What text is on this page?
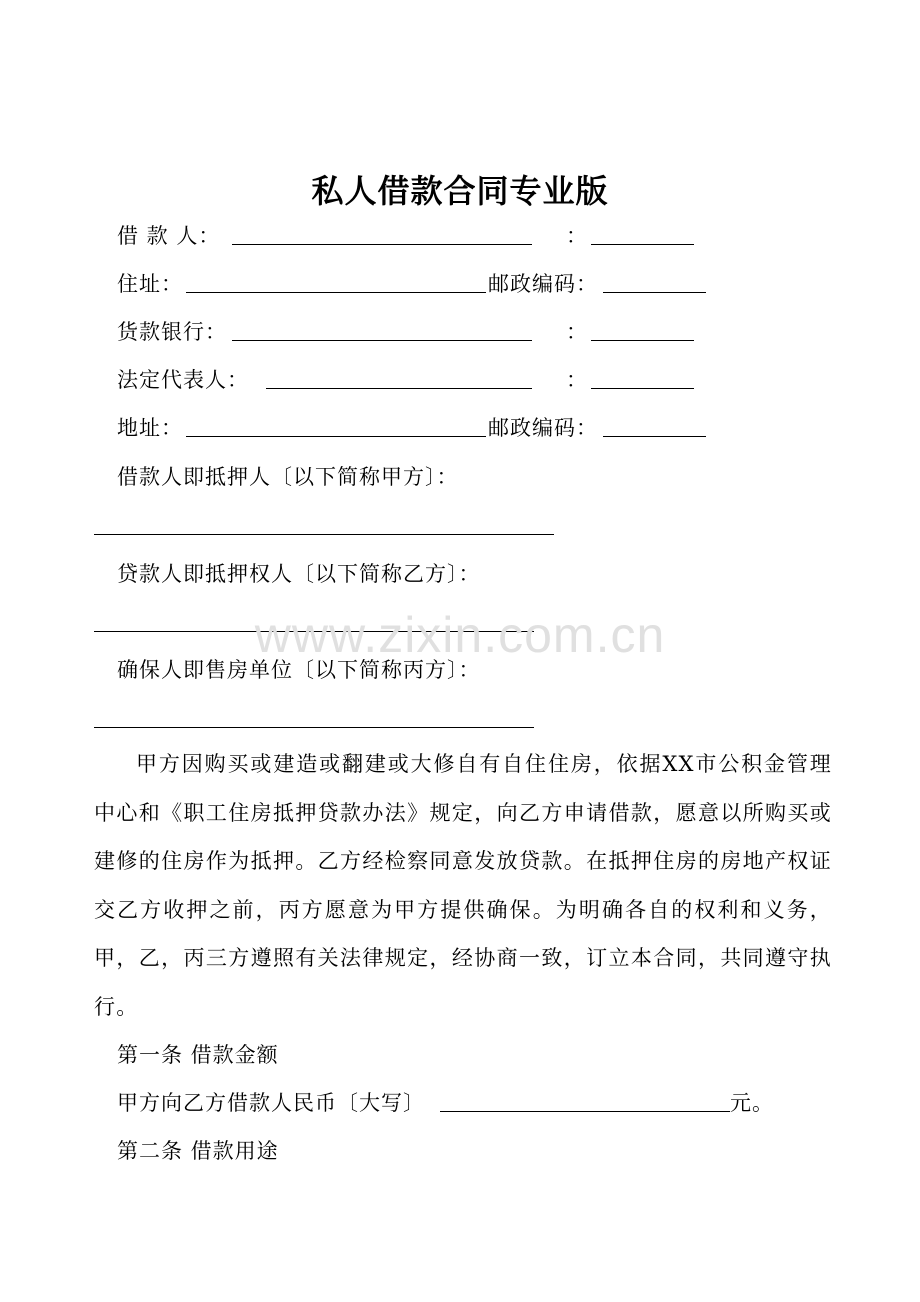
私人借款合同专业版
借 款 人：	：
住址：	邮政编码：
货款银行：	：
法定代表人：	：
地址：	邮政编码：
借款人即抵押人〔以下简称甲方〕：
贷款人即抵押权人〔以下简称乙方〕：
确保人即售房单位〔以下简称丙方〕：
甲方因购买或建造或翻建或大修自有自住住房，依据XX市公积金管理中心和《职工住房抵押贷款办法》规定，向乙方申请借款，愿意以所购买或建修的住房作为抵押。乙方经检察同意发放贷款。在抵押住房的房地产权证交乙方收押之前，丙方愿意为甲方提供确保。为明确各自的权利和义务，甲，乙，丙三方遵照有关法律规定，经协商一致，订立本合同，共同遵守执行。
第一条 借款金额
甲方向乙方借款人民币〔大写〕	元。
第二条 借款用途
www.zixin.com.cn
